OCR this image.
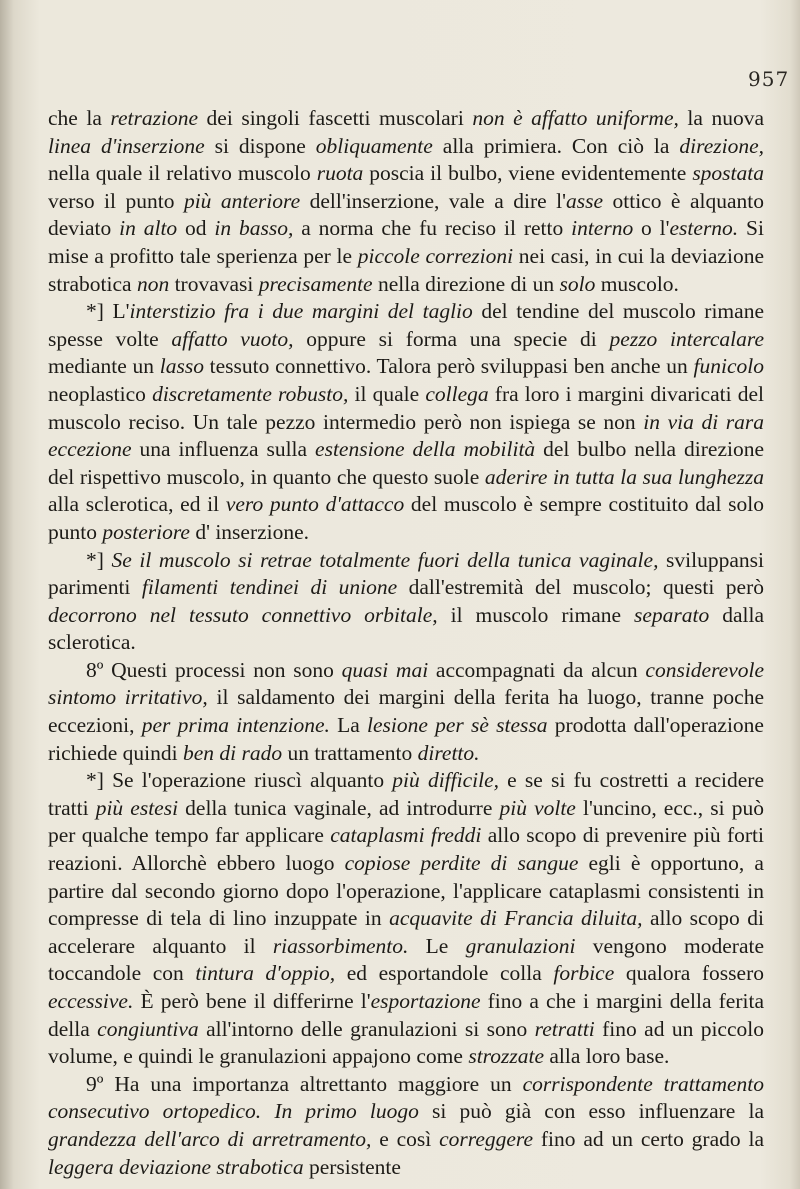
957

che la retrazione dei singoli fascetti muscolari non è affatto uniforme, la nuova linea d'inserzione si dispone obliquamente alla primiera. Con ciò la direzione, nella quale il relativo muscolo ruota poscia il bulbo, viene evidentemente spostata verso il punto più anteriore dell'inserzione, vale a dire l'asse ottico è alquanto deviato in alto od in basso, a norma che fu reciso il retto interno o l'esterno. Si mise a profitto tale sperienza per le piccole correzioni nei casi, in cui la deviazione strabotica non trovavasi precisamente nella direzione di un solo muscolo.

*] L'interstizio fra i due margini del taglio del tendine del muscolo rimane spesse volte affatto vuoto, oppure si forma una specie di pezzo intercalare mediante un lasso tessuto connettivo. Talora però sviluppasi ben anche un funicolo neoplastico discretamente robusto, il quale collega fra loro i margini divaricati del muscolo reciso. Un tale pezzo intermedio però non ispiega se non in via di rara eccezione una influenza sulla estensione della mobilità del bulbo nella direzione del rispettivo muscolo, in quanto che questo suole aderire in tutta la sua lunghezza alla sclerotica, ed il vero punto d'attacco del muscolo è sempre costituito dal solo punto posteriore d' inserzione.

*] Se il muscolo si retrae totalmente fuori della tunica vaginale, sviluppansi parimenti filamenti tendinei di unione dall'estremità del muscolo; questi però decorrono nel tessuto connettivo orbitale, il muscolo rimane separato dalla sclerotica.

8º Questi processi non sono quasi mai accompagnati da alcun considerevole sintomo irritativo, il saldamento dei margini della ferita ha luogo, tranne poche eccezioni, per prima intenzione. La lesione per sè stessa prodotta dall'operazione richiede quindi ben di rado un trattamento diretto.

*] Se l'operazione riuscì alquanto più difficile, e se si fu costretti a recidere tratti più estesi della tunica vaginale, ad introdurre più volte l'uncino, ecc., si può per qualche tempo far applicare cataplasmi freddi allo scopo di prevenire più forti reazioni. Allorchè ebbero luogo copiose perdite di sangue egli è opportuno, a partire dal secondo giorno dopo l'operazione, l'applicare cataplasmi consistenti in compresse di tela di lino inzuppate in acquavite di Francia diluita, allo scopo di accelerare alquanto il riassorbimento. Le granulazioni vengono moderate toccandole con tintura d'oppio, ed esportandole colla forbice qualora fossero eccessive. È però bene il differirne l'esportazione fino a che i margini della ferita della congiuntiva all'intorno delle granulazioni si sono retratti fino ad un piccolo volume, e quindi le granulazioni appajono come strozzate alla loro base.

9º Ha una importanza altrettanto maggiore un corrispondente trattamento consecutivo ortopedico. In primo luogo si può già con esso influenzare la grandezza dell'arco di arretramento, e così correggere fino ad un certo grado la leggera deviazione strabotica persistente
